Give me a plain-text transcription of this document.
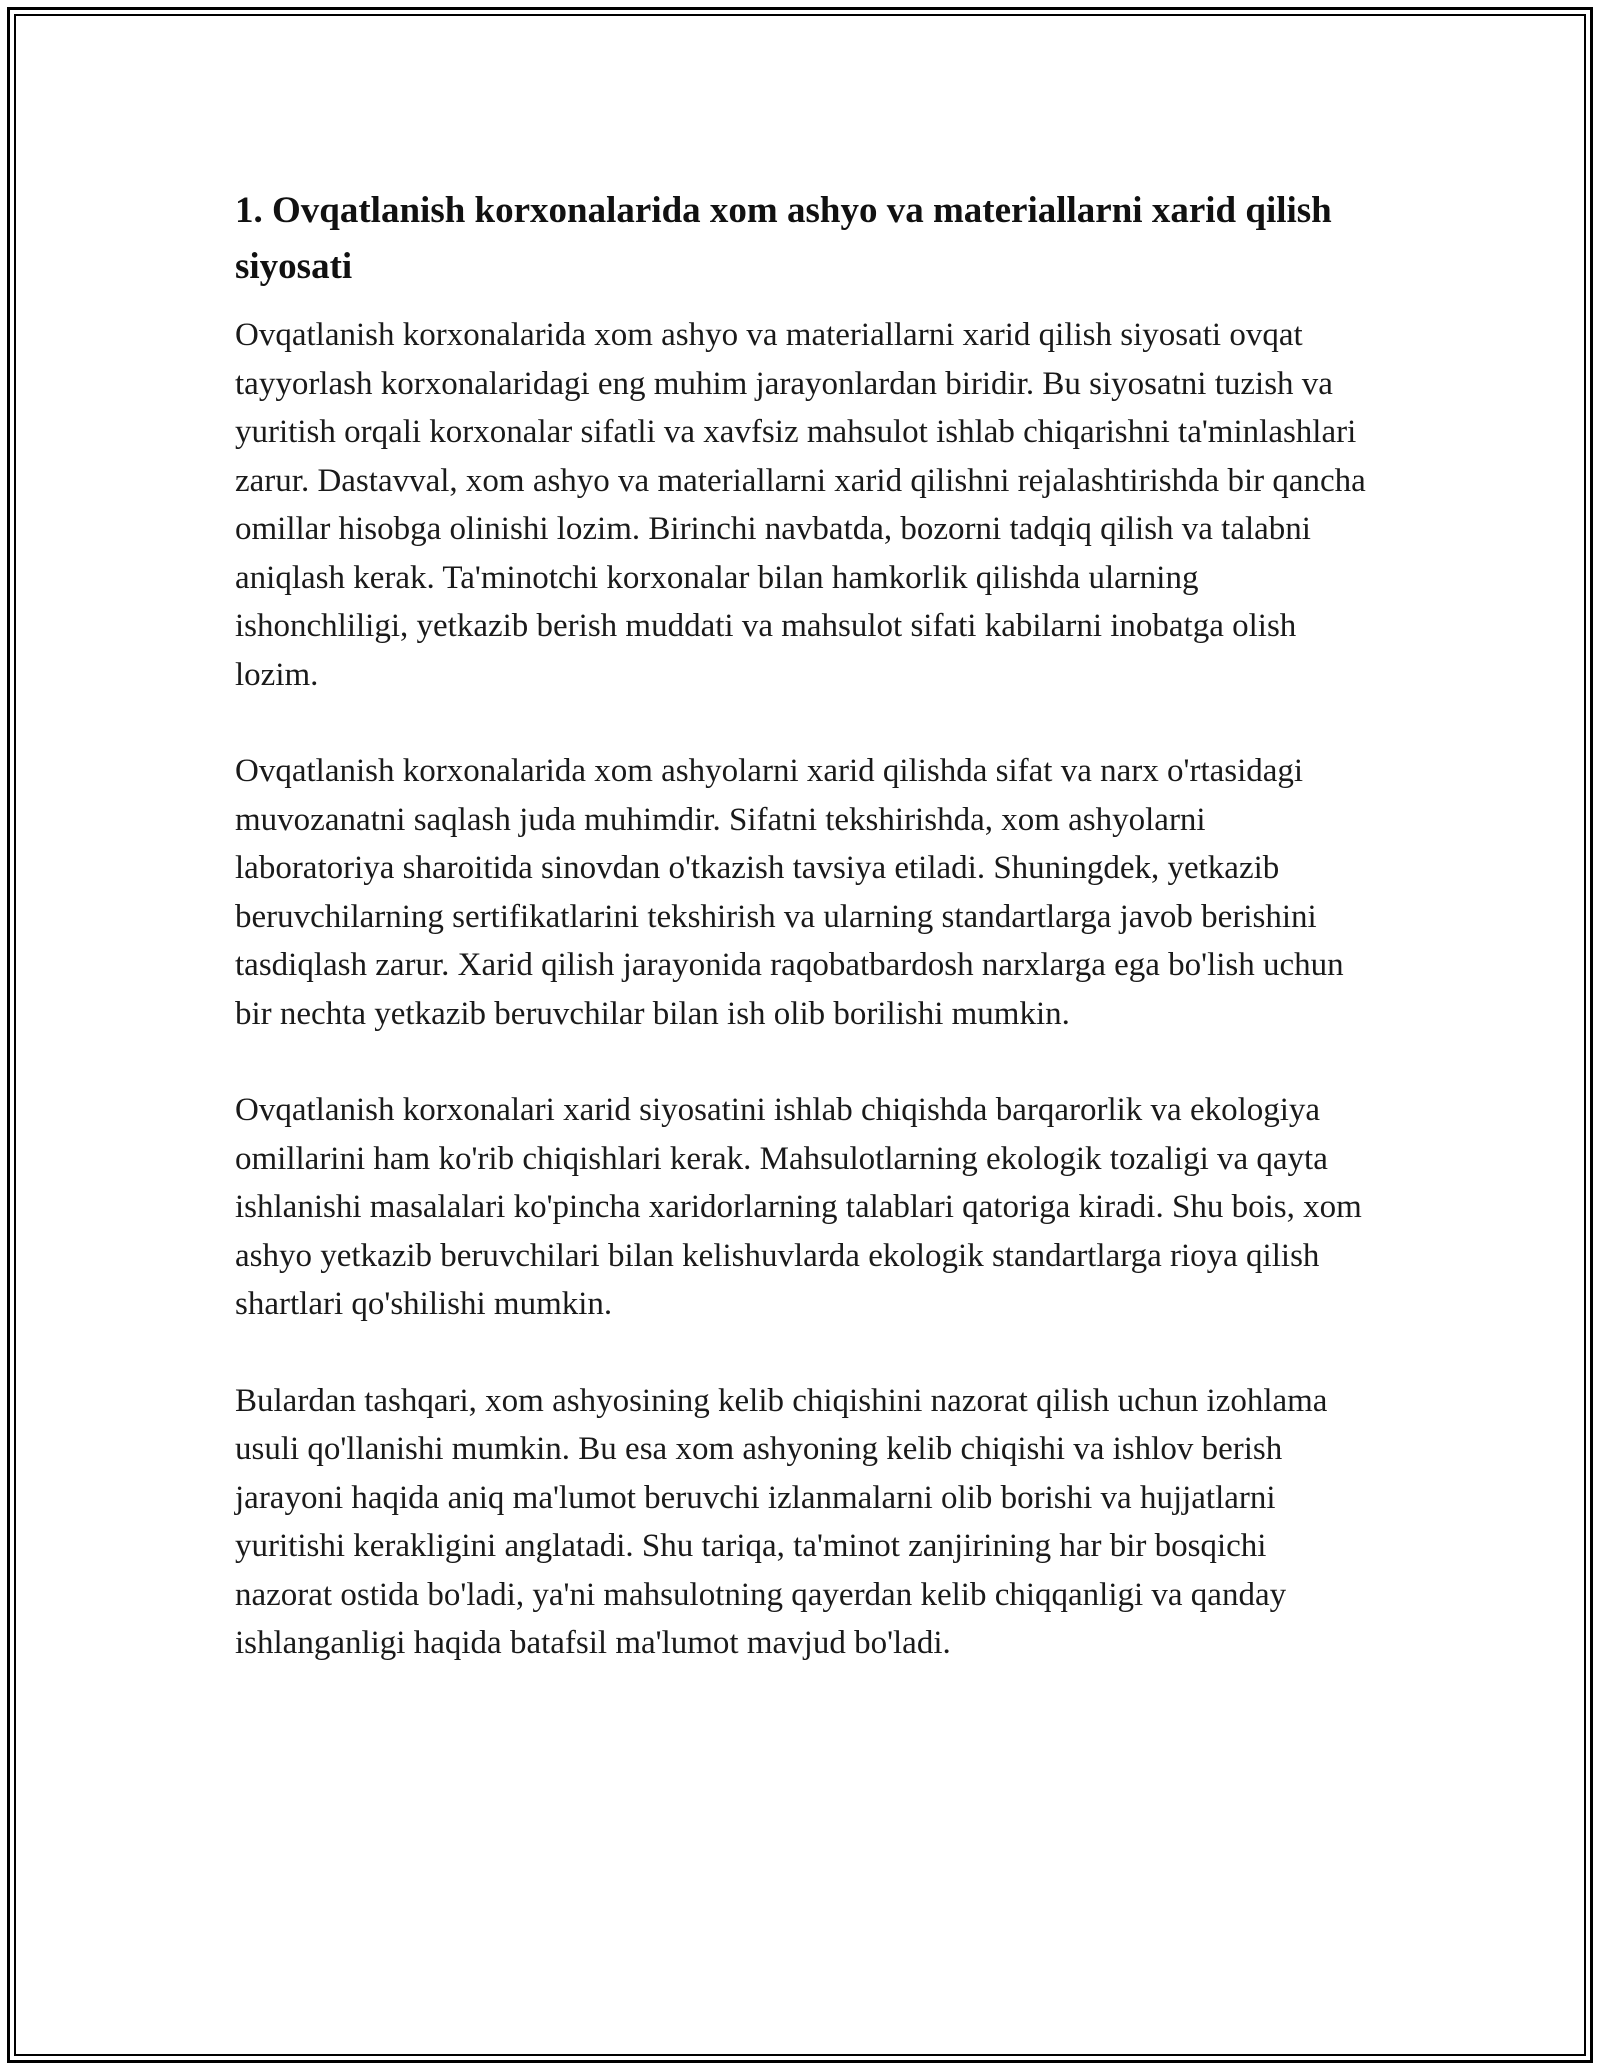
1. Ovqatlanish korxonalarida xom ashyo va materiallarni xarid qilish siyosati

Ovqatlanish korxonalarida xom ashyo va materiallarni xarid qilish siyosati ovqat tayyorlash korxonalaridagi eng muhim jarayonlardan biridir. Bu siyosatni tuzish va yuritish orqali korxonalar sifatli va xavfsiz mahsulot ishlab chiqarishni ta'minlashlari zarur. Dastavval, xom ashyo va materiallarni xarid qilishni rejalashtirishda bir qancha omillar hisobga olinishi lozim. Birinchi navbatda, bozorni tadqiq qilish va talabni aniqlash kerak. Ta'minotchi korxonalar bilan hamkorlik qilishda ularning ishonchliligi, yetkazib berish muddati va mahsulot sifati kabilarni inobatga olish lozim.

Ovqatlanish korxonalarida xom ashyolarni xarid qilishda sifat va narx o'rtasidagi muvozanatni saqlash juda muhimdir. Sifatni tekshirishda, xom ashyolarni laboratoriya sharoitida sinovdan o'tkazish tavsiya etiladi. Shuningdek, yetkazib beruvchilarning sertifikatlarini tekshirish va ularning standartlarga javob berishini tasdiqlash zarur. Xarid qilish jarayonida raqobatbardosh narxlarga ega bo'lish uchun bir nechta yetkazib beruvchilar bilan ish olib borilishi mumkin.

Ovqatlanish korxonalari xarid siyosatini ishlab chiqishda barqarorlik va ekologiya omillarini ham ko'rib chiqishlari kerak. Mahsulotlarning ekologik tozaligi va qayta ishlanishi masalalari ko'pincha xaridorlarning talablari qatoriga kiradi. Shu bois, xom ashyo yetkazib beruvchilari bilan kelishuvlarda ekologik standartlarga rioya qilish shartlari qo'shilishi mumkin.

Bulardan tashqari, xom ashyosining kelib chiqishini nazorat qilish uchun izohlama usuli qo'llanishi mumkin. Bu esa xom ashyoning kelib chiqishi va ishlov berish jarayoni haqida aniq ma'lumot beruvchi izlanmalarni olib borishi va hujjatlarni yuritishi kerakligini anglatadi. Shu tariqa, ta'minot zanjirining har bir bosqichi nazorat ostida bo'ladi, ya'ni mahsulotning qayerdan kelib chiqqanligi va qanday ishlanganligi haqida batafsil ma'lumot mavjud bo'ladi.
